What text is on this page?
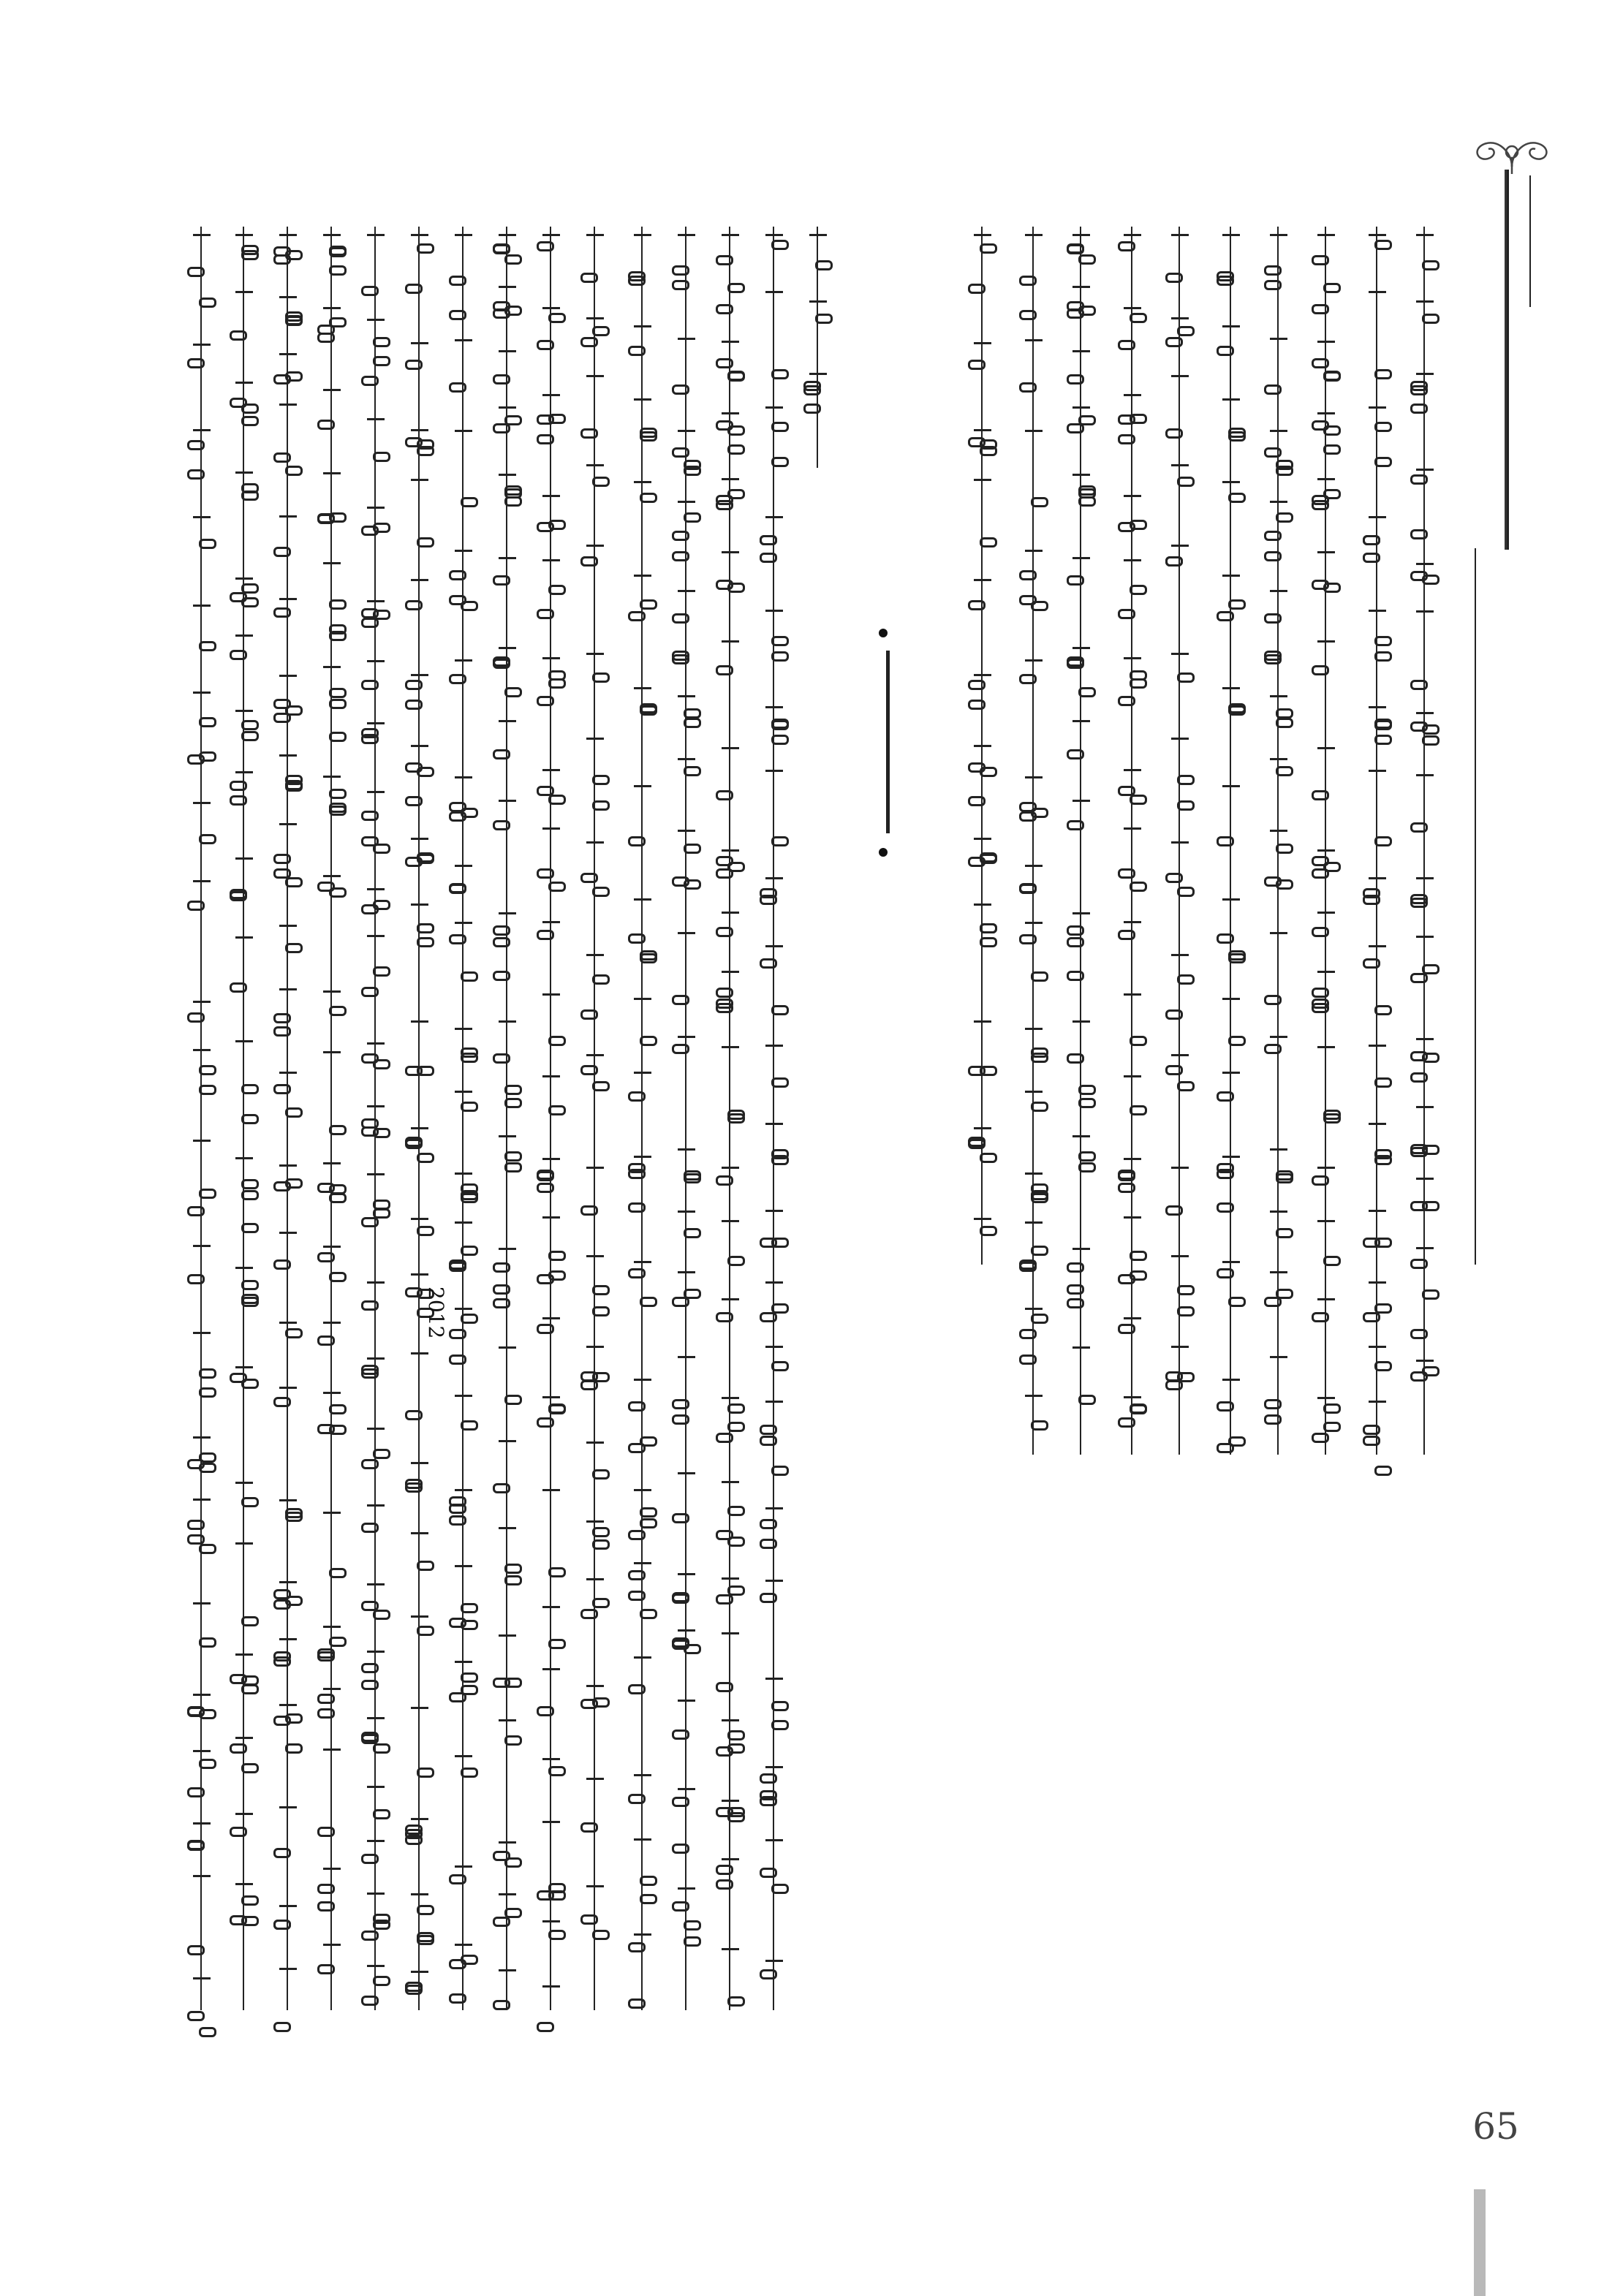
2012
65
